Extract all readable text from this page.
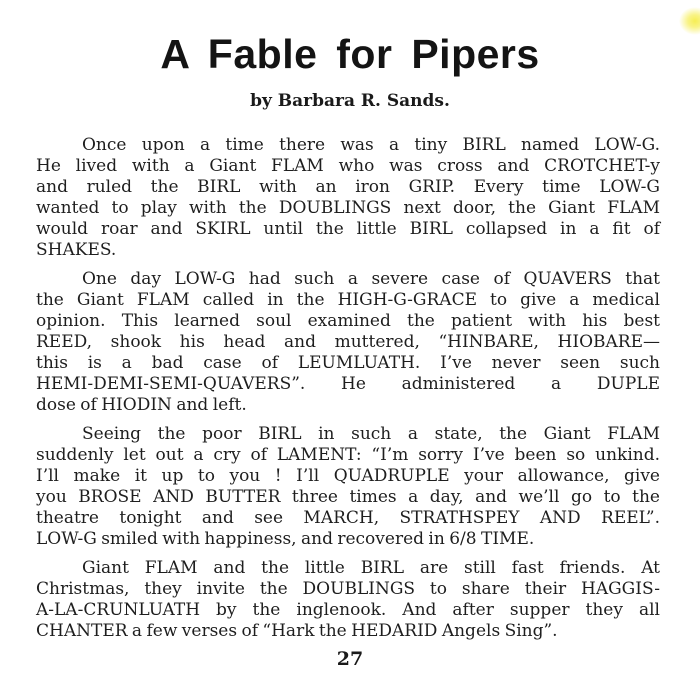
A Fable for Pipers
by Barbara R. Sands.
Once upon a time there was a tiny BIRL named LOW-G.
He lived with a Giant FLAM who was cross and CROTCHET-y
and ruled the BIRL with an iron GRIP. Every time LOW-G
wanted to play with the DOUBLINGS next door, the Giant FLAM
would roar and SKIRL until the little BIRL collapsed in a fit of
SHAKES.
One day LOW-G had such a severe case of QUAVERS that
the Giant FLAM called in the HIGH-G-GRACE to give a medical
opinion. This learned soul examined the patient with his best
REED, shook his head and muttered, “HINBARE, HIOBARE—
this is a bad case of LEUMLUATH. I’ve never seen such
HEMI-DEMI-SEMI-QUAVERS”. He administered a DUPLE
dose of HIODIN and left.
Seeing the poor BIRL in such a state, the Giant FLAM
suddenly let out a cry of LAMENT: “I’m sorry I’ve been so unkind.
I’ll make it up to you ! I’ll QUADRUPLE your allowance, give
you BROSE AND BUTTER three times a day, and we’ll go to the
theatre tonight and see MARCH, STRATHSPEY AND REEL”.
LOW-G smiled with happiness, and recovered in 6/8 TIME.
Giant FLAM and the little BIRL are still fast friends. At
Christmas, they invite the DOUBLINGS to share their HAGGIS-
A-LA-CRUNLUATH by the inglenook. And after supper they all
CHANTER a few verses of “Hark the HEDARID Angels Sing”.
27
